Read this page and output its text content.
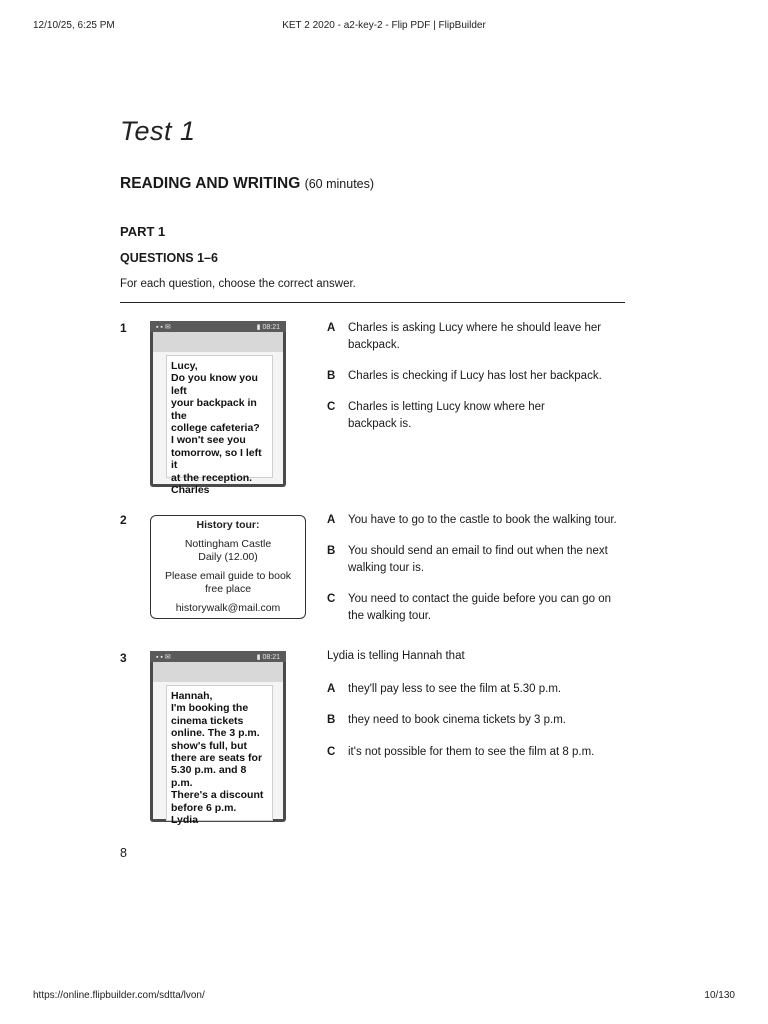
12/10/25, 6:25 PM	KET 2 2020 - a2-key-2 - Flip PDF | FlipBuilder
https://online.flipbuilder.com/sdtta/lvon/	10/130
Test 1
READING AND WRITING (60 minutes)
PART 1
QUESTIONS 1–6
For each question, choose the correct answer.
1	▪ ▪ ✉	▮ 08:21
Lucy,
Do you know you left
your backpack in the
college cafeteria?
I won't see you
tomorrow, so I left it
at the reception.
Charles
A Charles is asking Lucy where he should leave her backpack.
B Charles is checking if Lucy has lost her backpack.
C Charles is letting Lucy know where her backpack is.
2	History tour:

Nottingham Castle

Daily (12.00)

Please email guide to book

free place

historywalk@mail.com

A You have to go to the castle to book the walking tour.
B You should send an email to find out when the next walking tour is.
C You need to contact the guide before you can go on the walking tour.
3	▪ ▪ ✉	▮ 08:21
Hannah,
I'm booking the
cinema tickets
online. The 3 p.m.
show's full, but
there are seats for
5.30 p.m. and 8 p.m.
There's a discount
before 6 p.m.
Lydia
Lydia is telling Hannah that
A they'll pay less to see the film at 5.30 p.m.
B they need to book cinema tickets by 3 p.m.
C it's not possible for them to see the film at 8 p.m.
8
